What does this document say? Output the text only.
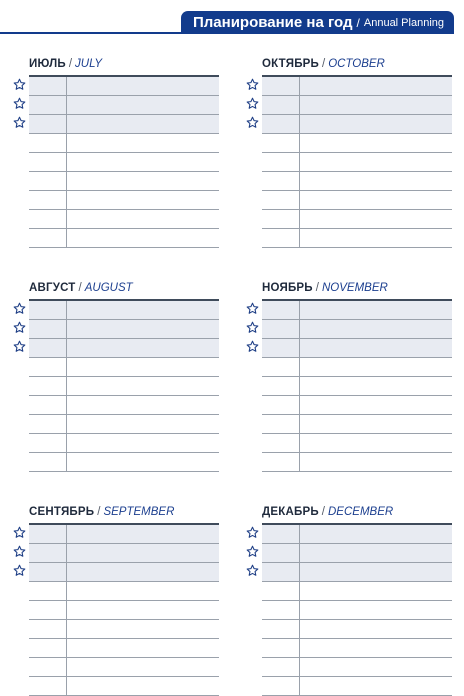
Планирование на год / Annual Planning
ИЮЛЬ / JULY	ОКТЯБРЬ / OCTOBER
АВГУСТ / AUGUST	НОЯБРЬ / NOVEMBER
СЕНТЯБРЬ / SEPTEMBER	ДЕКАБРЬ / DECEMBER
